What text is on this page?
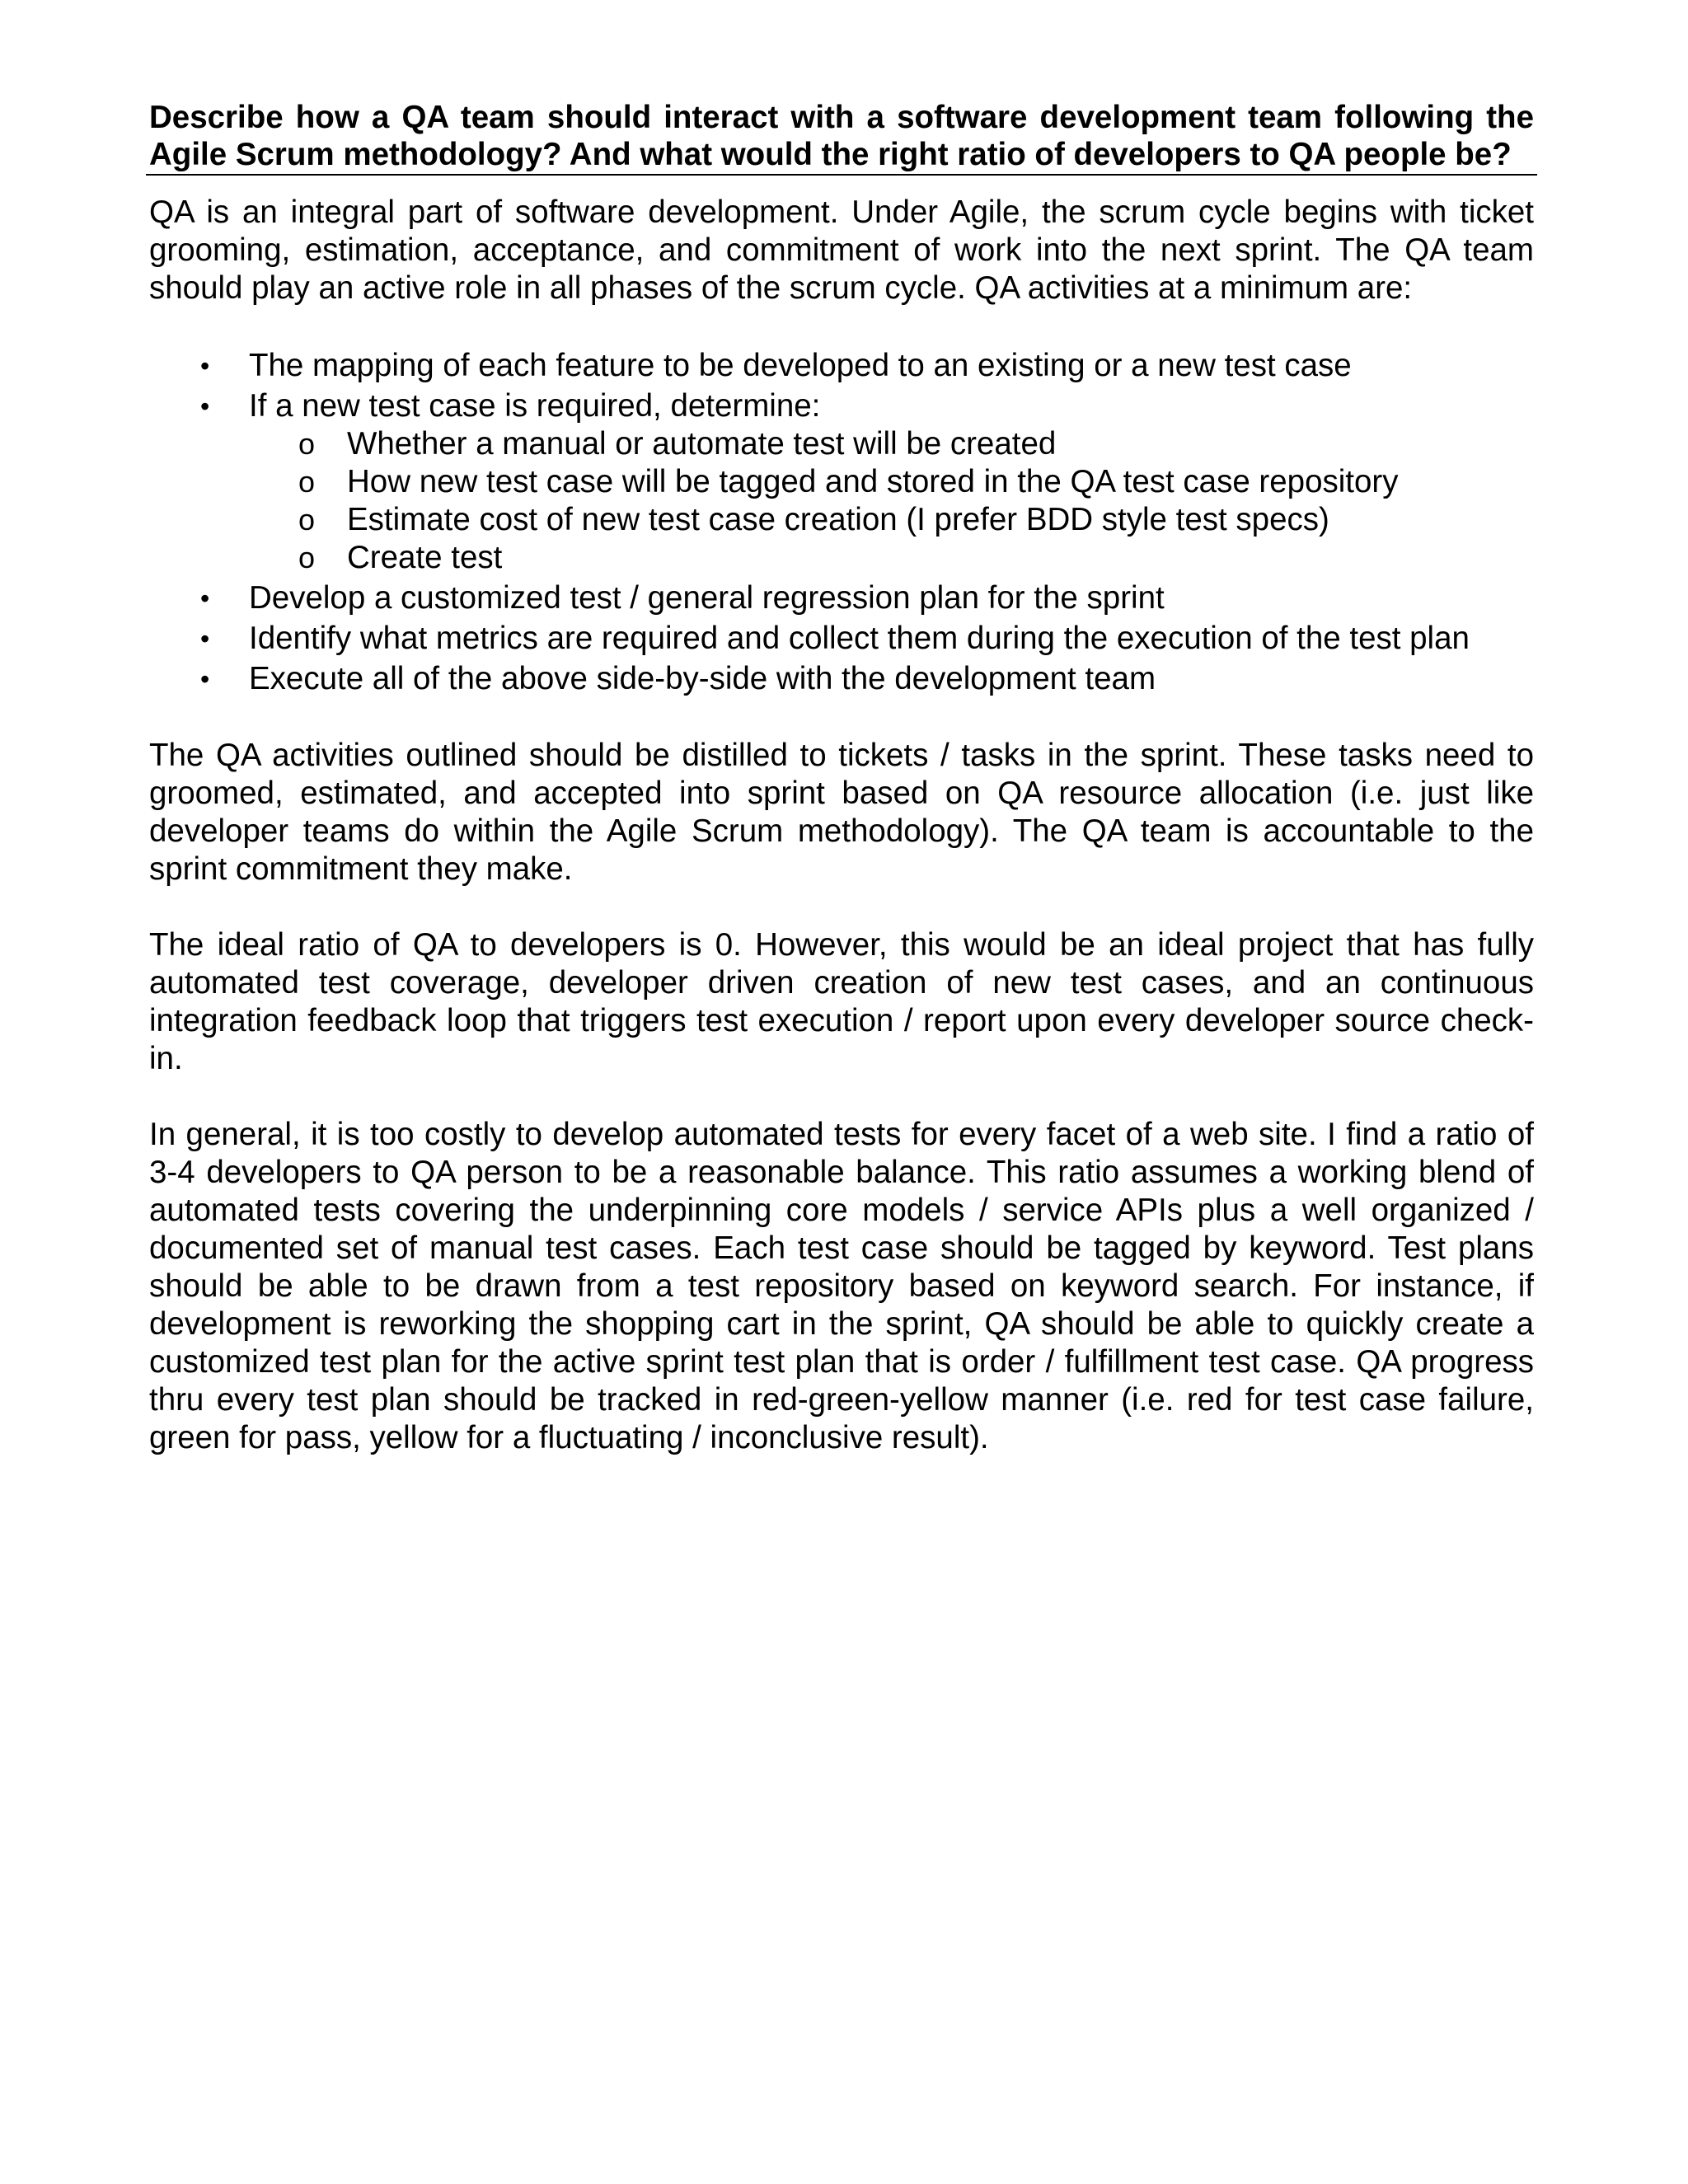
Describe how a QA team should interact with a software development team following the Agile Scrum methodology? And what would the right ratio of developers to QA people be?

QA is an integral part of software development. Under Agile, the scrum cycle begins with ticket grooming, estimation, acceptance, and commitment of work into the next sprint. The QA team should play an active role in all phases of the scrum cycle. QA activities at a minimum are:

• The mapping of each feature to be developed to an existing or a new test case
• If a new test case is required, determine:
o Whether a manual or automate test will be created
o How new test case will be tagged and stored in the QA test case repository
o Estimate cost of new test case creation (I prefer BDD style test specs)
o Create test
• Develop a customized test / general regression plan for the sprint
• Identify what metrics are required and collect them during the execution of the test plan
• Execute all of the above side-by-side with the development team

The QA activities outlined should be distilled to tickets / tasks in the sprint. These tasks need to groomed, estimated, and accepted into sprint based on QA resource allocation (i.e. just like developer teams do within the Agile Scrum methodology). The QA team is accountable to the sprint commitment they make.

The ideal ratio of QA to developers is 0. However, this would be an ideal project that has fully automated test coverage, developer driven creation of new test cases, and an continuous integration feedback loop that triggers test execution / report upon every developer source check-in.

In general, it is too costly to develop automated tests for every facet of a web site. I find a ratio of 3-4 developers to QA person to be a reasonable balance. This ratio assumes a working blend of automated tests covering the underpinning core models / service APIs plus a well organized / documented set of manual test cases. Each test case should be tagged by keyword. Test plans should be able to be drawn from a test repository based on keyword search. For instance, if development is reworking the shopping cart in the sprint, QA should be able to quickly create a customized test plan for the active sprint test plan that is order / fulfillment test case. QA progress thru every test plan should be tracked in red-green-yellow manner (i.e. red for test case failure, green for pass, yellow for a fluctuating / inconclusive result).
